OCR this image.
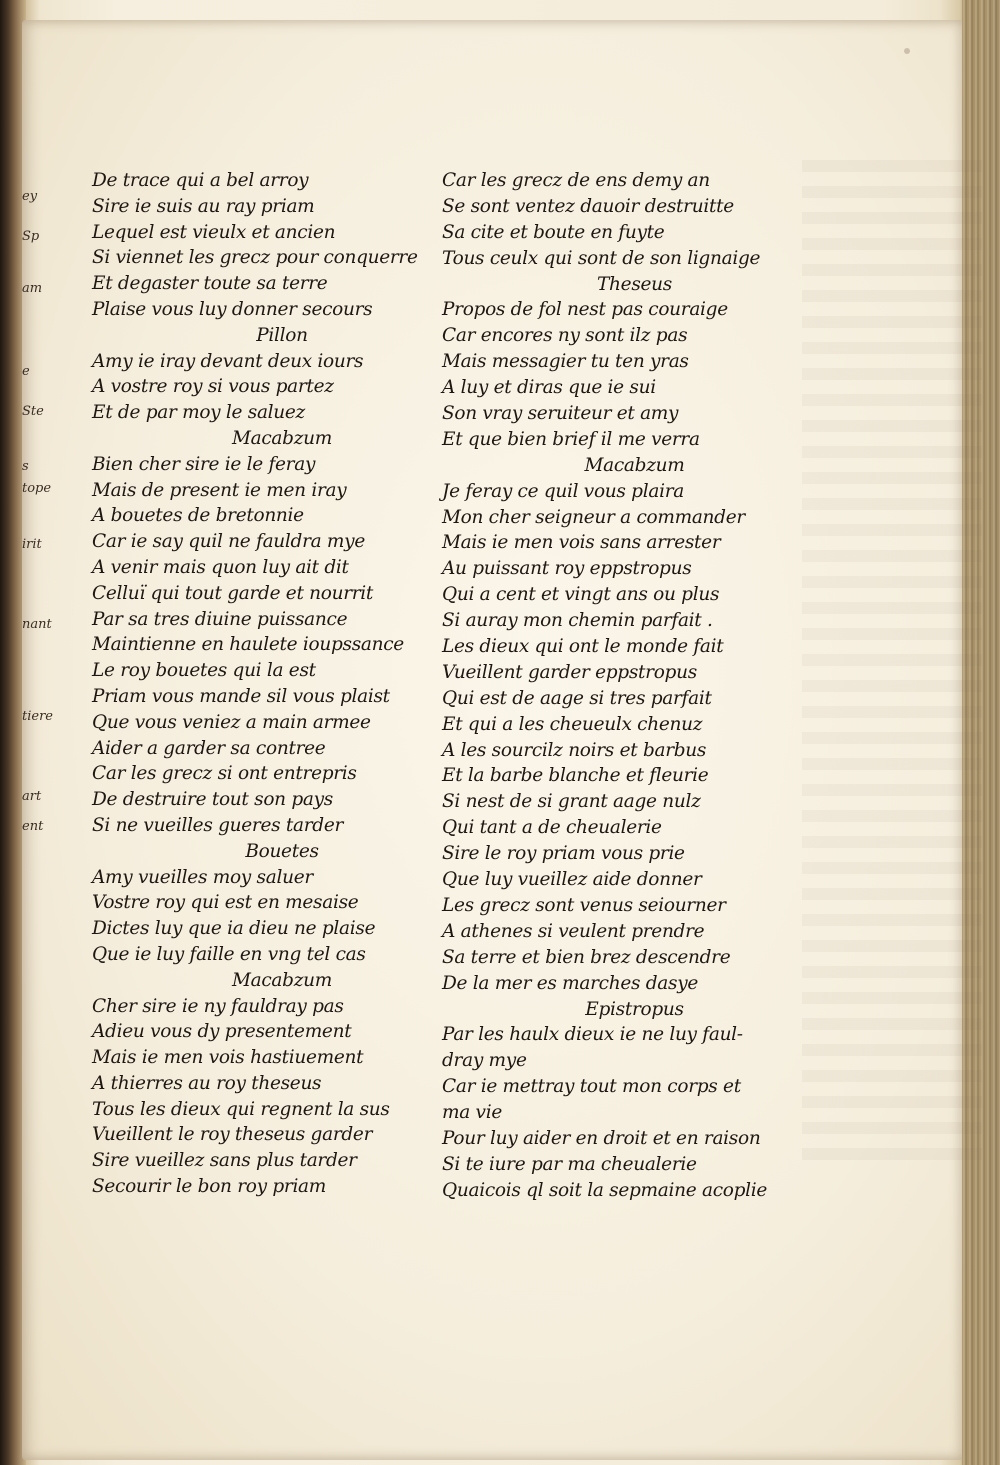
ey
Sp
am
e
Ste
s
tope
irit
nant
tiere
art
ent
De trace qui a bel arroy
Sire ie suis au ray priam
Lequel est vieulx et ancien
Si viennet les grecz pour conquerre
Et degaster toute sa terre
Plaise vous luy donner secours
Pillon
Amy ie iray devant deux iours
A vostre roy si vous partez
Et de par moy le saluez
Macabzum
Bien cher sire ie le feray
Mais de present ie men iray
A bouetes de bretonnie
Car ie say quil ne fauldra mye
A venir mais quon luy ait dit
Celluï qui tout garde et nourrit
Par sa tres diuine puissance
Maintienne en haulete ioupssance
Le roy bouetes qui la est
Priam vous mande sil vous plaist
Que vous veniez a main armee
Aider a garder sa contree
Car les grecz si ont entrepris
De destruire tout son pays
Si ne vueilles gueres tarder
Bouetes
Amy vueilles moy saluer
Vostre roy qui est en mesaise
Dictes luy que ia dieu ne plaise
Que ie luy faille en vng tel cas
Macabzum
Cher sire ie ny fauldray pas
Adieu vous dy presentement
Mais ie men vois hastiuement
A thierres au roy theseus
Tous les dieux qui regnent la sus
Vueillent le roy theseus garder
Sire vueillez sans plus tarder
Secourir le bon roy priam
Car les grecz de ens demy an
Se sont ventez dauoir destruitte
Sa cite et boute en fuyte
Tous ceulx qui sont de son lignaige
Theseus
Propos de fol nest pas couraige
Car encores ny sont ilz pas
Mais messagier tu ten yras
A luy et diras que ie sui
Son vray seruiteur et amy
Et que bien brief il me verra
Macabzum
Je feray ce quil vous plaira
Mon cher seigneur a commander
Mais ie men vois sans arrester
Au puissant roy eppstropus
Qui a cent et vingt ans ou plus
Si auray mon chemin parfait .
Les dieux qui ont le monde fait
Vueillent garder eppstropus
Qui est de aage si tres parfait
Et qui a les cheueulx chenuz
A les sourcilz noirs et barbus
Et la barbe blanche et fleurie
Si nest de si grant aage nulz
Qui tant a de cheualerie
Sire le roy priam vous prie
Que luy vueillez aide donner
Les grecz sont venus seiourner
A athenes si veulent prendre
Sa terre et bien brez descendre
De la mer es marches dasye
Epistropus
Par les haulx dieux ie ne luy faul-
dray mye
Car ie mettray tout mon corps et
ma vie
Pour luy aider en droit et en raison
Si te iure par ma cheualerie
Quaicois ql soit la sepmaine acoplie
